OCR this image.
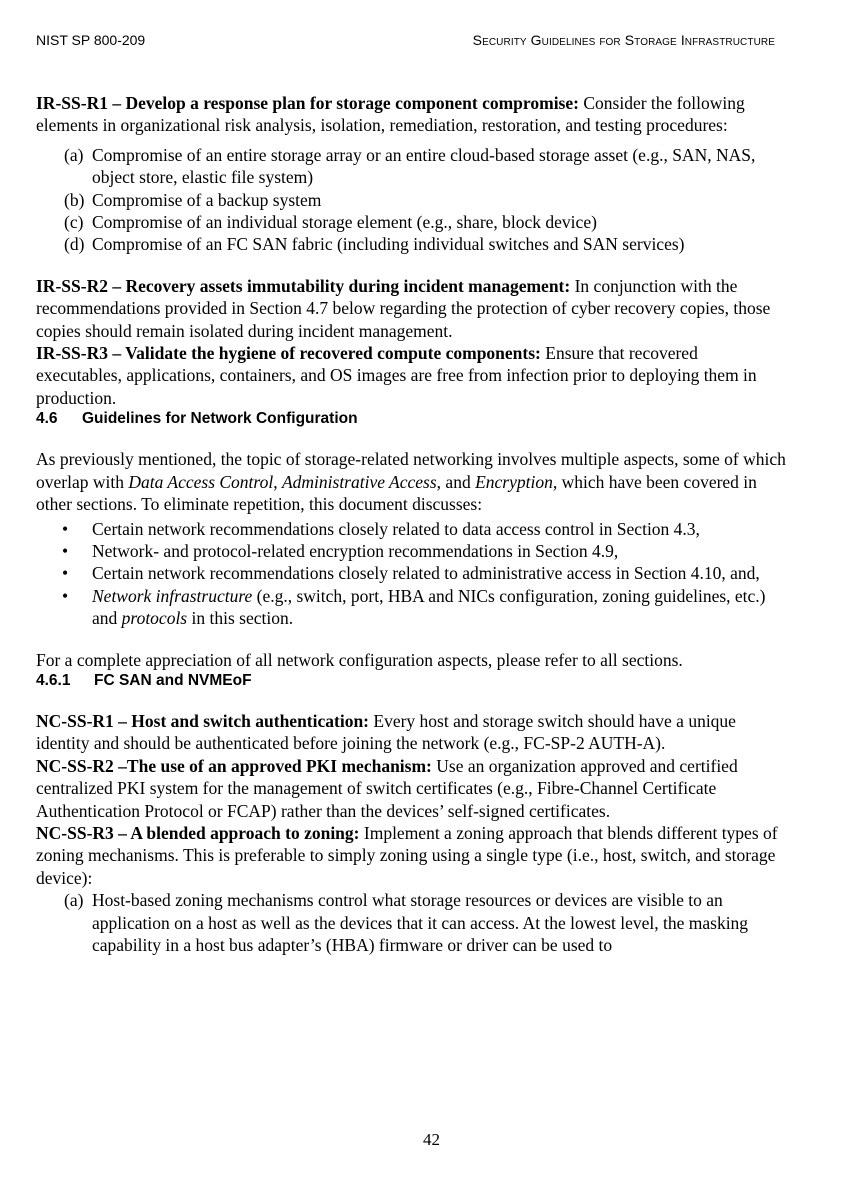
NIST SP 800-209	Security Guidelines for Storage Infrastructure

IR-SS-R1 – Develop a response plan for storage component compromise: Consider the following elements in organizational risk analysis, isolation, remediation, restoration, and testing procedures:

(a) Compromise of an entire storage array or an entire cloud-based storage asset (e.g., SAN, NAS, object store, elastic file system)
(b) Compromise of a backup system
(c) Compromise of an individual storage element (e.g., share, block device)
(d) Compromise of an FC SAN fabric (including individual switches and SAN services)

IR-SS-R2 – Recovery assets immutability during incident management: In conjunction with the recommendations provided in Section 4.7 below regarding the protection of cyber recovery copies, those copies should remain isolated during incident management.

IR-SS-R3 – Validate the hygiene of recovered compute components: Ensure that recovered executables, applications, containers, and OS images are free from infection prior to deploying them in production.

4.6 Guidelines for Network Configuration

As previously mentioned, the topic of storage-related networking involves multiple aspects, some of which overlap with Data Access Control, Administrative Access, and Encryption, which have been covered in other sections. To eliminate repetition, this document discusses:

• Certain network recommendations closely related to data access control in Section 4.3,
• Network- and protocol-related encryption recommendations in Section 4.9,
• Certain network recommendations closely related to administrative access in Section 4.10, and,
• Network infrastructure (e.g., switch, port, HBA and NICs configuration, zoning guidelines, etc.) and protocols in this section.

For a complete appreciation of all network configuration aspects, please refer to all sections.

4.6.1 FC SAN and NVMEoF

NC-SS-R1 – Host and switch authentication: Every host and storage switch should have a unique identity and should be authenticated before joining the network (e.g., FC-SP-2 AUTH-A).

NC-SS-R2 –The use of an approved PKI mechanism: Use an organization approved and certified centralized PKI system for the management of switch certificates (e.g., Fibre-Channel Certificate Authentication Protocol or FCAP) rather than the devices’ self-signed certificates.

NC-SS-R3 – A blended approach to zoning: Implement a zoning approach that blends different types of zoning mechanisms. This is preferable to simply zoning using a single type (i.e., host, switch, and storage device):

(a) Host-based zoning mechanisms control what storage resources or devices are visible to an application on a host as well as the devices that it can access. At the lowest level, the masking capability in a host bus adapter’s (HBA) firmware or driver can be used to
42
